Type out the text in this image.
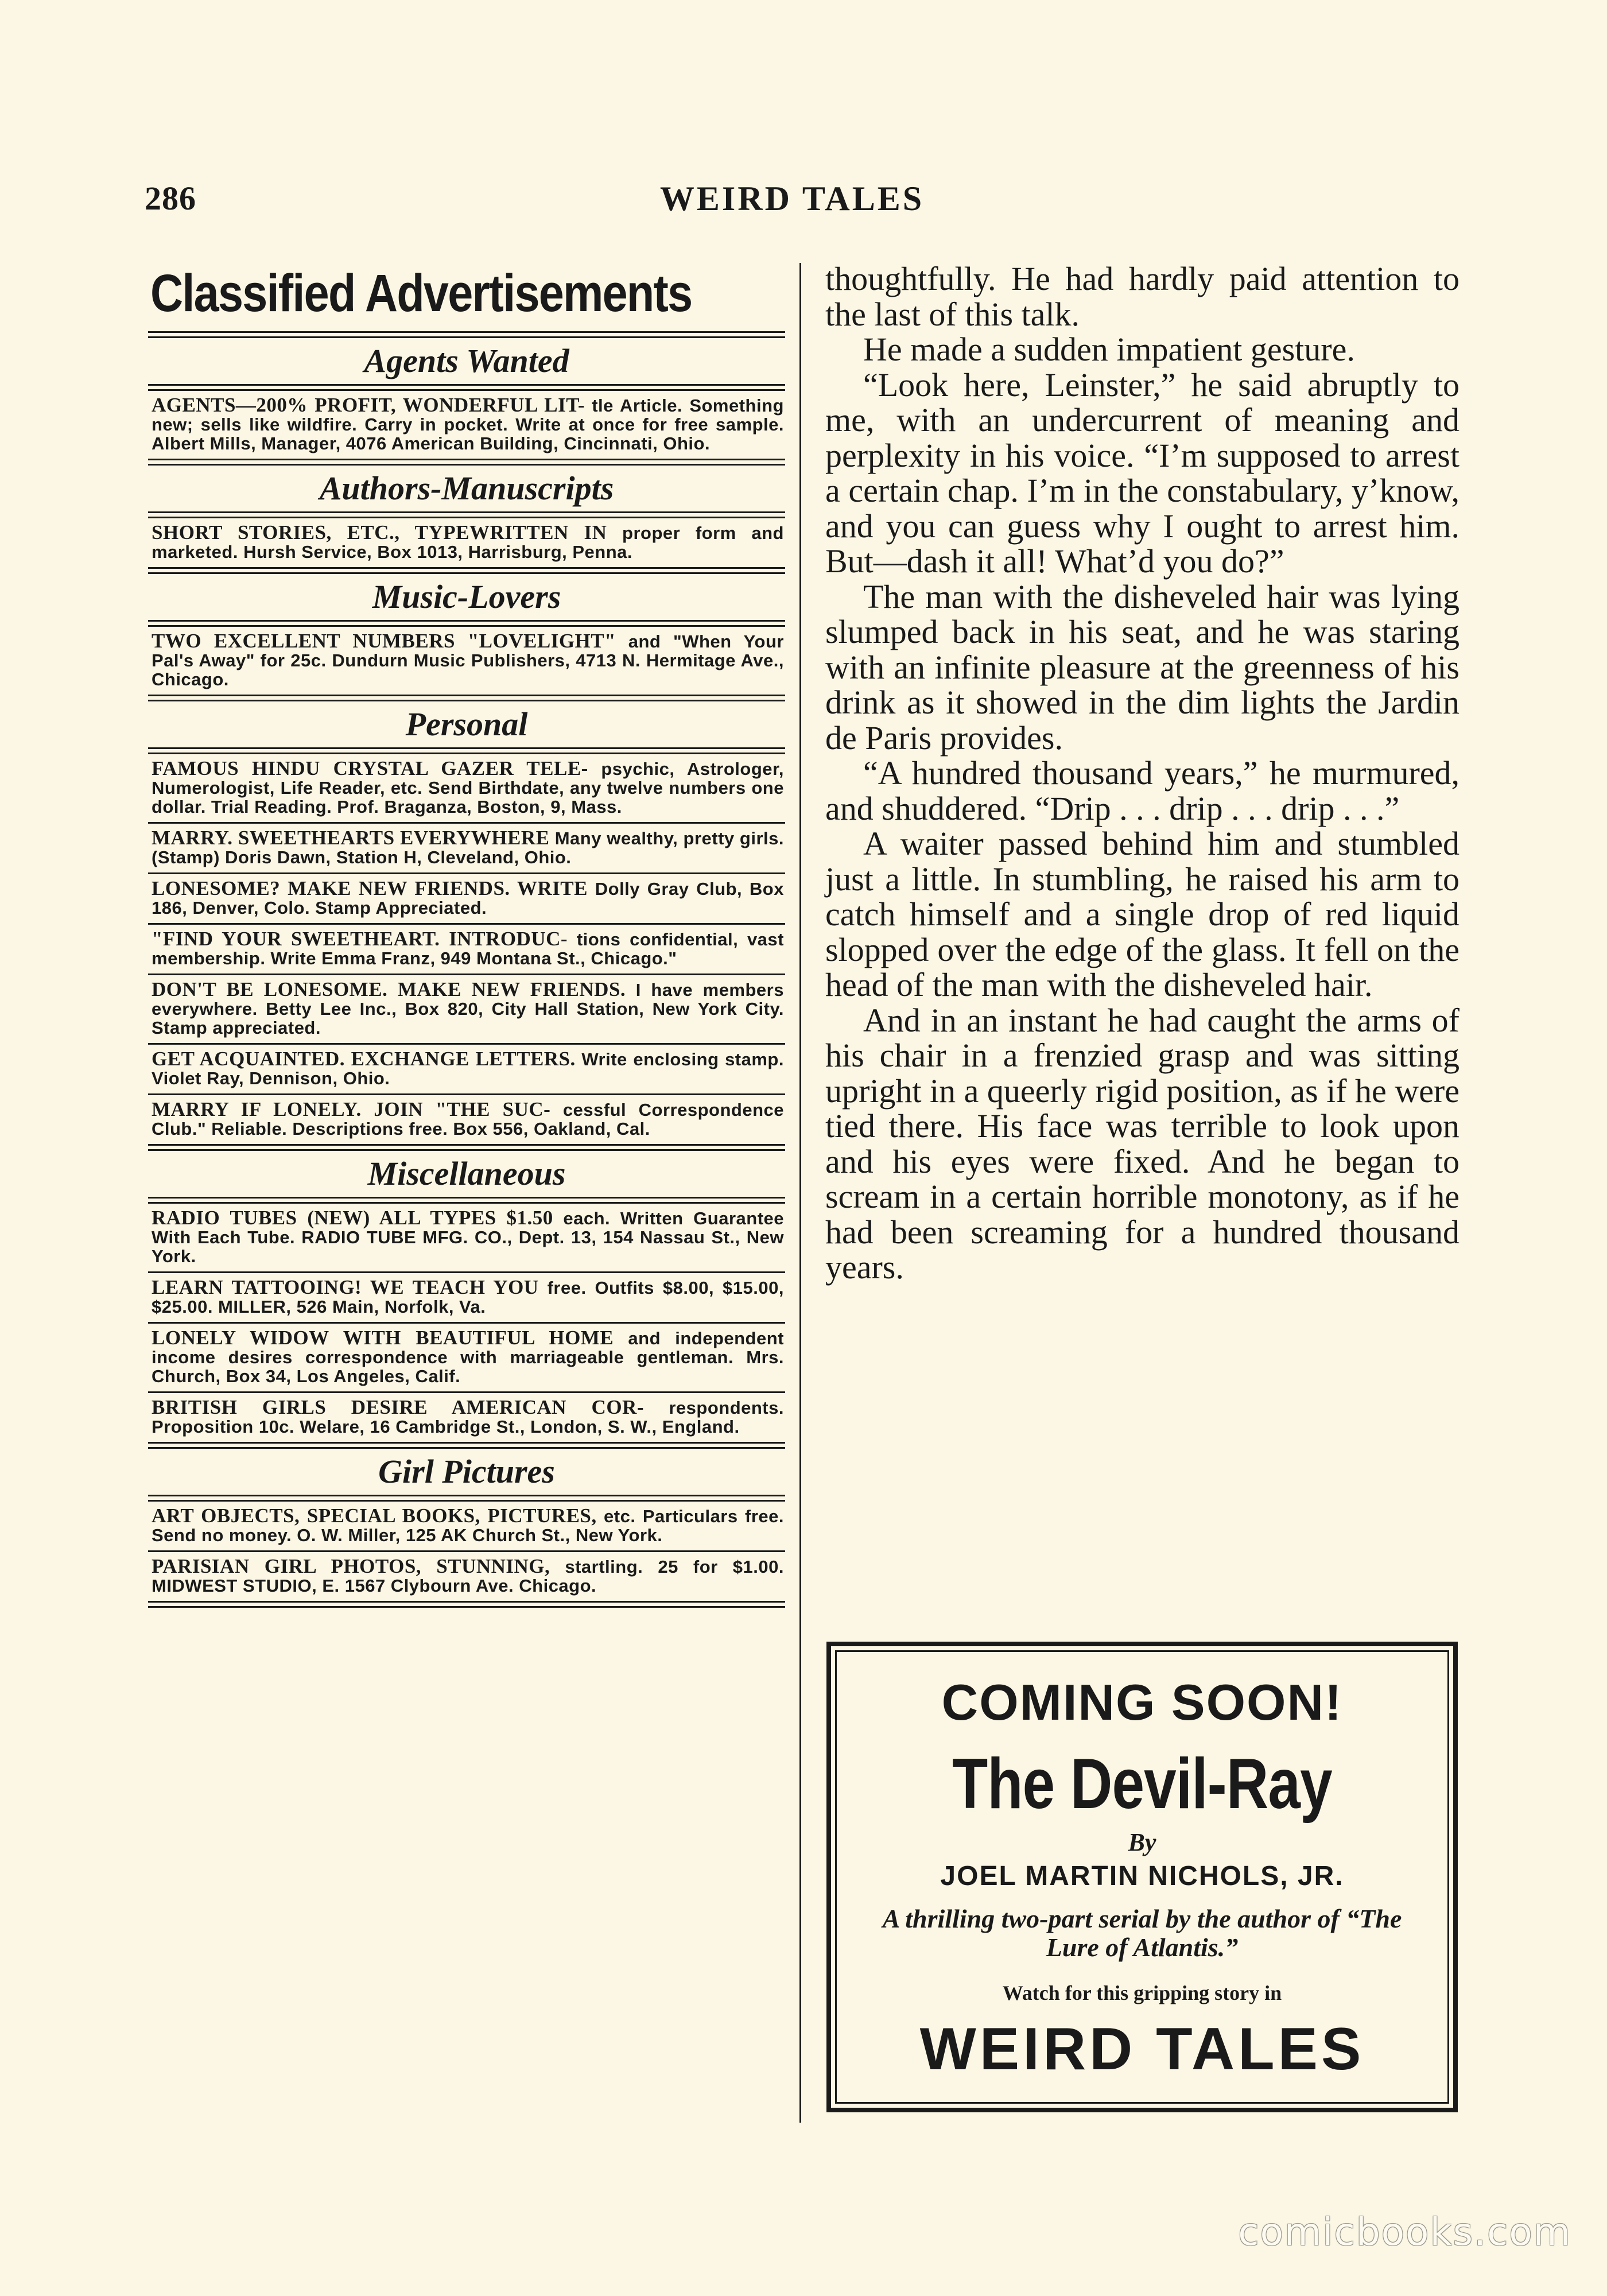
286	WEIRD TALES
Classified Advertisements
Agents Wanted
AGENTS—200% PROFIT, WONDERFUL LIT- tle Article. Something new; sells like wildfire. Carry in pocket. Write at once for free sample. Albert Mills, Manager, 4076 American Building, Cincinnati, Ohio.
Authors-Manuscripts
SHORT STORIES, ETC., TYPEWRITTEN IN proper form and marketed. Hursh Service, Box 1013, Harrisburg, Penna.
Music-Lovers
TWO EXCELLENT NUMBERS "LOVELIGHT" and "When Your Pal's Away" for 25c. Dundurn Music Publishers, 4713 N. Hermitage Ave., Chicago.
Personal
FAMOUS HINDU CRYSTAL GAZER TELE- psychic, Astrologer, Numerologist, Life Reader, etc. Send Birthdate, any twelve numbers one dollar. Trial Reading. Prof. Braganza, Boston, 9, Mass.
MARRY. SWEETHEARTS EVERYWHERE Many wealthy, pretty girls. (Stamp) Doris Dawn, Station H, Cleveland, Ohio.
LONESOME? MAKE NEW FRIENDS. WRITE Dolly Gray Club, Box 186, Denver, Colo. Stamp Appreciated.
"FIND YOUR SWEETHEART. INTRODUC- tions confidential, vast membership. Write Emma Franz, 949 Montana St., Chicago."
DON'T BE LONESOME. MAKE NEW FRIENDS. I have members everywhere. Betty Lee Inc., Box 820, City Hall Station, New York City. Stamp appreciated.
GET ACQUAINTED. EXCHANGE LETTERS. Write enclosing stamp. Violet Ray, Dennison, Ohio.
MARRY IF LONELY. JOIN "THE SUC- cessful Correspondence Club." Reliable. Descriptions free. Box 556, Oakland, Cal.
Miscellaneous
RADIO TUBES (NEW) ALL TYPES $1.50 each. Written Guarantee With Each Tube. RADIO TUBE MFG. CO., Dept. 13, 154 Nassau St., New York.
LEARN TATTOOING! WE TEACH YOU free. Outfits $8.00, $15.00, $25.00. MILLER, 526 Main, Norfolk, Va.
LONELY WIDOW WITH BEAUTIFUL HOME and independent income desires correspondence with marriageable gentleman. Mrs. Church, Box 34, Los Angeles, Calif.
BRITISH GIRLS DESIRE AMERICAN COR- respondents. Proposition 10c. Welare, 16 Cambridge St., London, S. W., England.
Girl Pictures
ART OBJECTS, SPECIAL BOOKS, PICTURES, etc. Particulars free. Send no money. O. W. Miller, 125 AK Church St., New York.
PARISIAN GIRL PHOTOS, STUNNING, startling. 25 for $1.00. MIDWEST STUDIO, E. 1567 Clybourn Ave. Chicago.

thoughtfully. He had hardly paid attention to the last of this talk.

He made a sudden impatient gesture.

“Look here, Leinster,” he said abruptly to me, with an undercurrent of meaning and perplexity in his voice. “I’m supposed to arrest a certain chap. I’m in the constabulary, y’know, and you can guess why I ought to arrest him. But—dash it all! What’d you do?”

The man with the disheveled hair was lying slumped back in his seat, and he was staring with an infinite pleasure at the greenness of his drink as it showed in the dim lights the Jardin de Paris provides.

“A hundred thousand years,” he murmured, and shuddered. “Drip . . . drip . . . drip . . .”

A waiter passed behind him and stumbled just a little. In stumbling, he raised his arm to catch himself and a single drop of red liquid slopped over the edge of the glass. It fell on the head of the man with the disheveled hair.

And in an instant he had caught the arms of his chair in a frenzied grasp and was sitting upright in a queerly rigid position, as if he were tied there. His face was terrible to look upon and his eyes were fixed. And he began to scream in a certain horrible monotony, as if he had been screaming for a hundred thousand years.

COMING SOON!
The Devil-Ray
By
JOEL MARTIN NICHOLS, JR.
A thrilling two-part serial by the author of “The Lure of Atlantis.”
Watch for this gripping story in
WEIRD TALES
comicbooks.com
